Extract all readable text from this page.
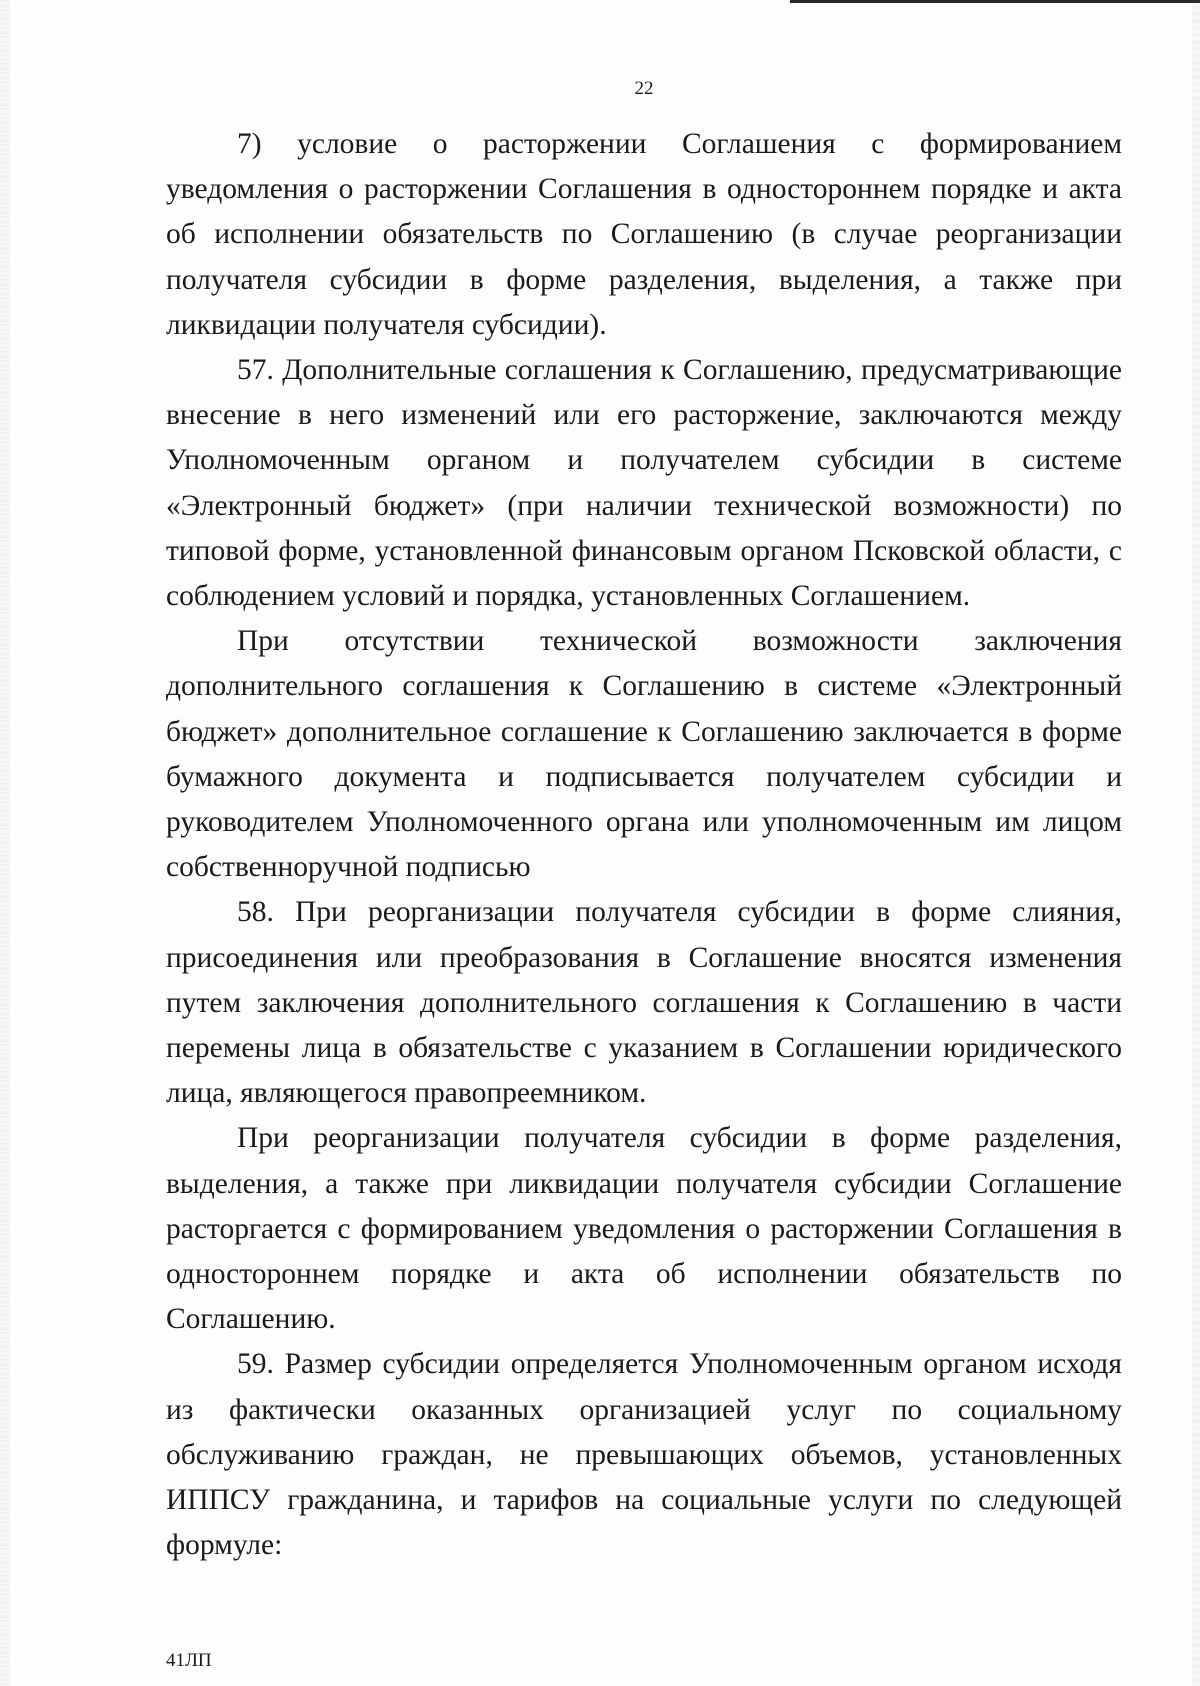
22

7) условие о расторжении Соглашения с формированием уведомления о расторжении Соглашения в одностороннем порядке и акта об исполнении обязательств по Соглашению (в случае реорганизации получателя субсидии в форме разделения, выделения, а также при ликвидации получателя субсидии).

57. Дополнительные соглашения к Соглашению, предусматривающие внесение в него изменений или его расторжение, заключаются между Уполномоченным органом и получателем субсидии в системе «Электронный бюджет» (при наличии технической возможности) по типовой форме, установленной финансовым органом Псковской области, с соблюдением условий и порядка, установленных Соглашением.

При отсутствии технической возможности заключения дополнительного соглашения к Соглашению в системе «Электронный бюджет» дополнительное соглашение к Соглашению заключается в форме бумажного документа и подписывается получателем субсидии и руководителем Уполномоченного органа или уполномоченным им лицом собственноручной подписью

58. При реорганизации получателя субсидии в форме слияния, присоединения или преобразования в Соглашение вносятся изменения путем заключения дополнительного соглашения к Соглашению в части перемены лица в обязательстве с указанием в Соглашении юридического лица, являющегося правопреемником.

При реорганизации получателя субсидии в форме разделения, выделения, а также при ликвидации получателя субсидии Соглашение расторгается с формированием уведомления о расторжении Соглашения в одностороннем порядке и акта об исполнении обязательств по Соглашению.

59. Размер субсидии определяется Уполномоченным органом исходя из фактически оказанных организацией услуг по социальному обслуживанию граждан, не превышающих объемов, установленных ИППСУ гражданина, и тарифов на социальные услуги по следующей формуле:

41ЛП
